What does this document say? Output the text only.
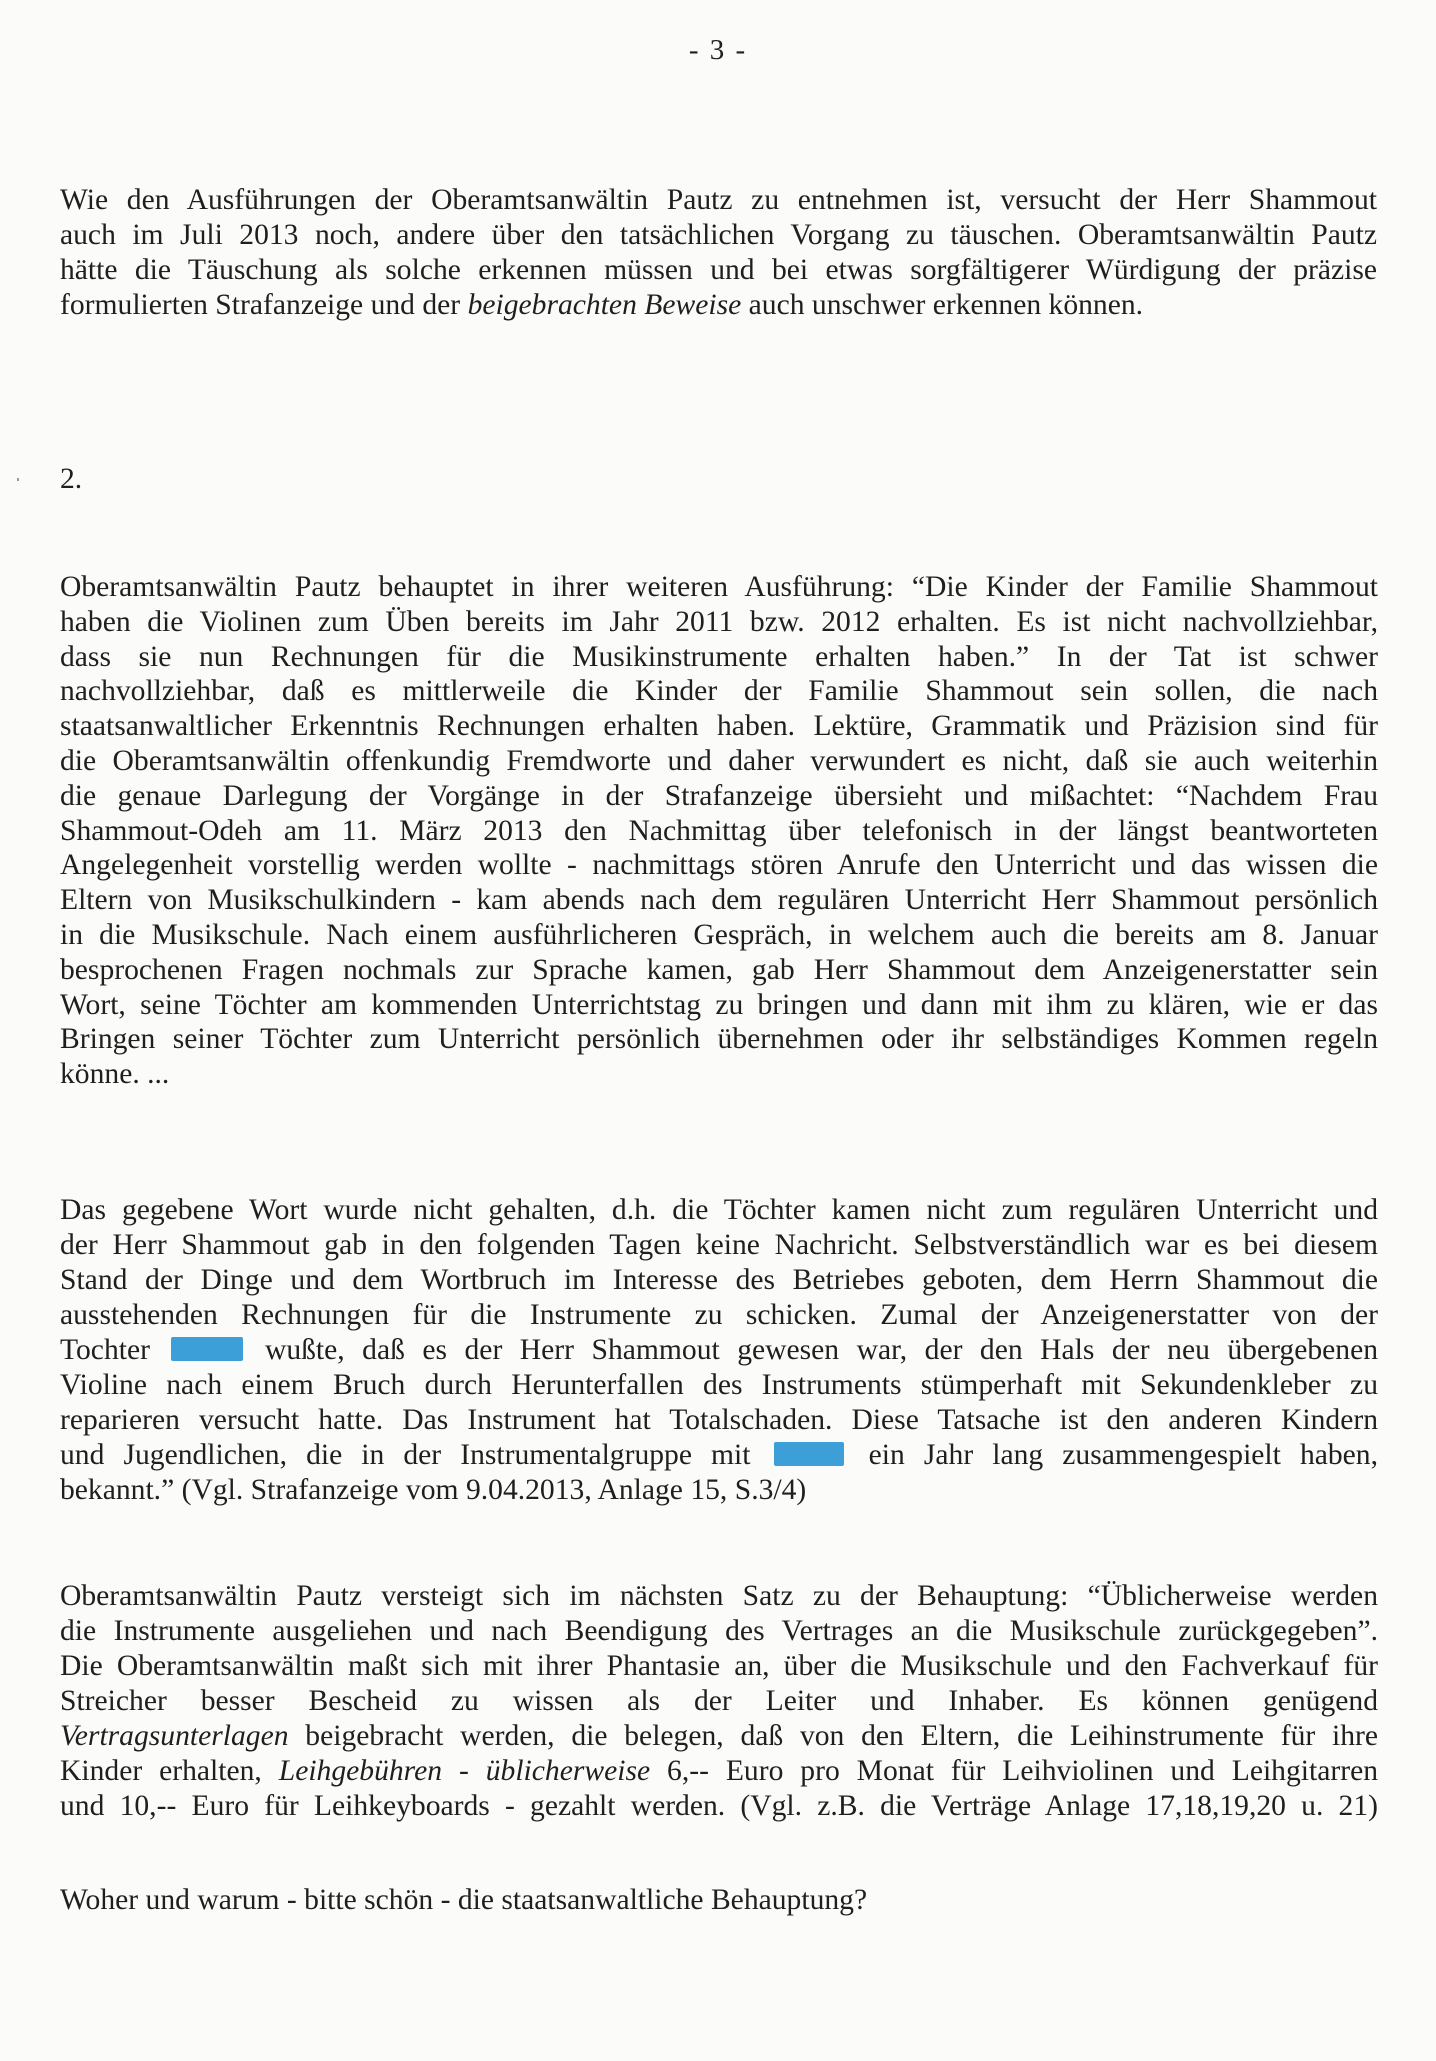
- 3 -
Wie den Ausführungen der Oberamtsanwältin Pautz zu entnehmen ist, versucht der Herr Shammout
auch im Juli 2013 noch, andere über den tatsächlichen Vorgang zu täuschen. Oberamtsanwältin Pautz
hätte die Täuschung als solche erkennen müssen und bei etwas sorgfältigerer Würdigung der präzise
formulierten Strafanzeige und der beigebrachten Beweise auch unschwer erkennen können.
2.
Oberamtsanwältin Pautz behauptet in ihrer weiteren Ausführung: “Die Kinder der Familie Shammout
haben die Violinen zum Üben bereits im Jahr 2011 bzw. 2012 erhalten. Es ist nicht nachvollziehbar,
dass sie nun Rechnungen für die Musikinstrumente erhalten haben.” In der Tat ist schwer
nachvollziehbar, daß es mittlerweile die Kinder der Familie Shammout sein sollen, die nach
staatsanwaltlicher Erkenntnis Rechnungen erhalten haben. Lektüre, Grammatik und Präzision sind für
die Oberamtsanwältin offenkundig Fremdworte und daher verwundert es nicht, daß sie auch weiterhin
die genaue Darlegung der Vorgänge in der Strafanzeige übersieht und mißachtet: “Nachdem Frau
Shammout-Odeh am 11. März 2013 den Nachmittag über telefonisch in der längst beantworteten
Angelegenheit vorstellig werden wollte - nachmittags stören Anrufe den Unterricht und das wissen die
Eltern von Musikschulkindern - kam abends nach dem regulären Unterricht Herr Shammout persönlich
in die Musikschule. Nach einem ausführlicheren Gespräch, in welchem auch die bereits am 8. Januar
besprochenen Fragen nochmals zur Sprache kamen, gab Herr Shammout dem Anzeigenerstatter sein
Wort, seine Töchter am kommenden Unterrichtstag zu bringen und dann mit ihm zu klären, wie er das
Bringen seiner Töchter zum Unterricht persönlich übernehmen oder ihr selbständiges Kommen regeln
könne. ...
Das gegebene Wort wurde nicht gehalten, d.h. die Töchter kamen nicht zum regulären Unterricht und
der Herr Shammout gab in den folgenden Tagen keine Nachricht. Selbstverständlich war es bei diesem
Stand der Dinge und dem Wortbruch im Interesse des Betriebes geboten, dem Herrn Shammout die
ausstehenden Rechnungen für die Instrumente zu schicken. Zumal der Anzeigenerstatter von der
Tochter	wußte, daß es der Herr Shammout gewesen war, der den Hals der neu übergebenen
Violine nach einem Bruch durch Herunterfallen des Instruments stümperhaft mit Sekundenkleber zu
reparieren versucht hatte. Das Instrument hat Totalschaden. Diese Tatsache ist den anderen Kindern
und Jugendlichen, die in der Instrumentalgruppe mit	ein Jahr lang zusammengespielt haben,
bekannt.” (Vgl. Strafanzeige vom 9.04.2013, Anlage 15, S.3/4)
Oberamtsanwältin Pautz versteigt sich im nächsten Satz zu der Behauptung: “Üblicherweise werden
die Instrumente ausgeliehen und nach Beendigung des Vertrages an die Musikschule zurückgegeben”.
Die Oberamtsanwältin maßt sich mit ihrer Phantasie an, über die Musikschule und den Fachverkauf für
Streicher besser Bescheid zu wissen als der Leiter und Inhaber. Es können genügend
Vertragsunterlagen beigebracht werden, die belegen, daß von den Eltern, die Leihinstrumente für ihre
Kinder erhalten, Leihgebühren - üblicherweise 6,-- Euro pro Monat für Leihviolinen und Leihgitarren
und 10,-- Euro für Leihkeyboards - gezahlt werden. (Vgl. z.B. die Verträge Anlage 17,18,19,20 u. 21)
Woher und warum - bitte schön - die staatsanwaltliche Behauptung?
